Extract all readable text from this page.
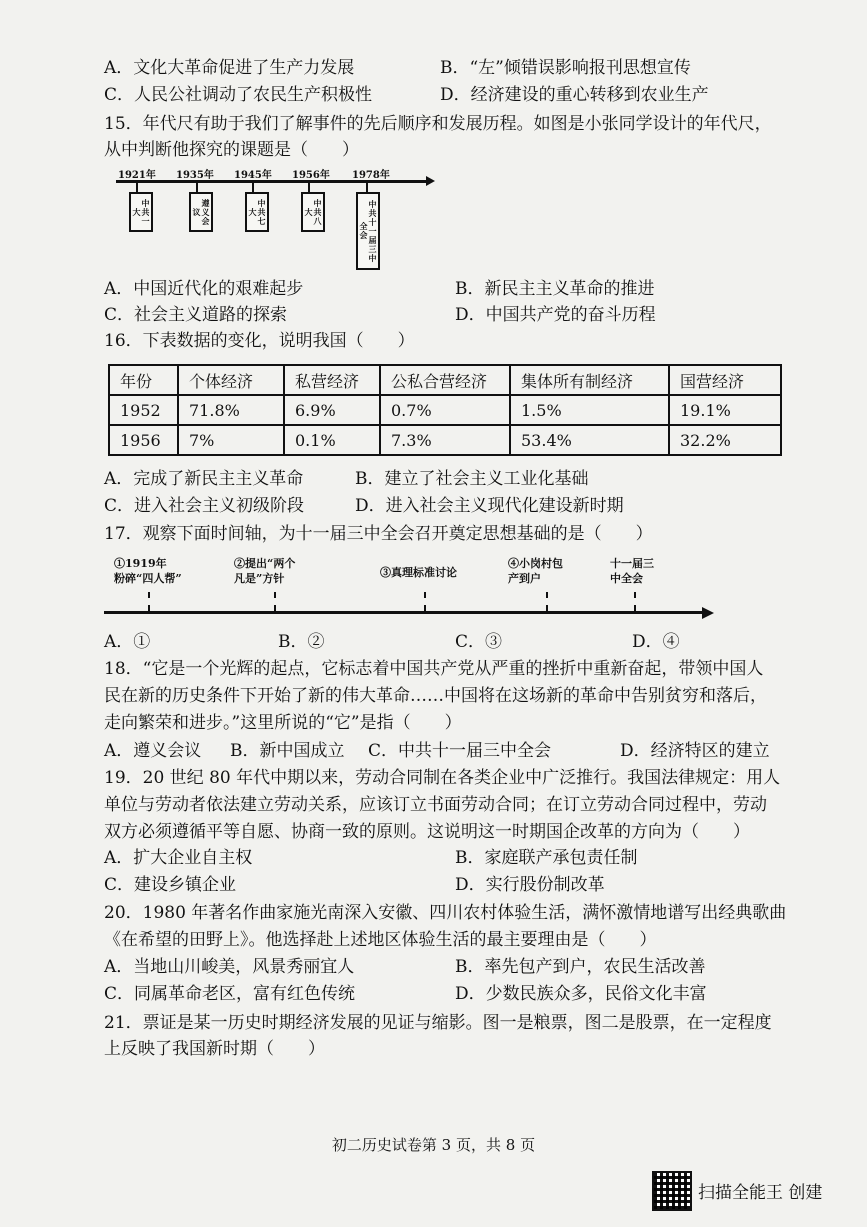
A．文化大革命促进了生产力发展	B．“左”倾错误影响报刊思想宣传
C．人民公社调动了农民生产积极性	D．经济建设的重心转移到农业生产
15．年代尺有助于我们了解事件的先后顺序和发展历程。如图是小张同学设计的年代尺，
从中判断他探究的课题是（　　）
1921年
中共一大
1935年
遵义会议
1945年
中共七大
1956年
中共八大
1978年
中共十一届三中全会
A．中国近代化的艰难起步	B．新民主主义革命的推进
C．社会主义道路的探索	D．中国共产党的奋斗历程
16．下表数据的变化，说明我国（　　）
年份	个体经济	私营经济	公私合营经济	集体所有制经济	国营经济
1952	71.8%	6.9%	0.7%	1.5%	19.1%
1956	7%	0.1%	7.3%	53.4%	32.2%
A．完成了新民主主义革命	B．建立了社会主义工业化基础
C．进入社会主义初级阶段	D．进入社会主义现代化建设新时期
17．观察下面时间轴，为十一届三中全会召开奠定思想基础的是（　　）
①1919年
粉碎“四人帮”
②提出“两个
凡是”方针	③真理标准讨论
④小岗村包
产到户
十一届三
中全会
A．①	B．②	C．③	D．④
18．“它是一个光辉的起点，它标志着中国共产党从严重的挫折中重新奋起，带领中国人
民在新的历史条件下开始了新的伟大革命……中国将在这场新的革命中告别贫穷和落后，
走向繁荣和进步。”这里所说的“它”是指（　　）
A．遵义会议 B．新中国成立 C．中共十一届三中全会	D．经济特区的建立
19．20 世纪 80 年代中期以来，劳动合同制在各类企业中广泛推行。我国法律规定：用人
单位与劳动者依法建立劳动关系，应该订立书面劳动合同；在订立劳动合同过程中，劳动
双方必须遵循平等自愿、协商一致的原则。这说明这一时期国企改革的方向为（　　）
A．扩大企业自主权	B．家庭联产承包责任制
C．建设乡镇企业	D．实行股份制改革
20．1980 年著名作曲家施光南深入安徽、四川农村体验生活，满怀激情地谱写出经典歌曲
《在希望的田野上》。他选择赴上述地区体验生活的最主要理由是（　　）
A．当地山川峻美，风景秀丽宜人	B．率先包产到户，农民生活改善
C．同属革命老区，富有红色传统	D．少数民族众多，民俗文化丰富
21．票证是某一历史时期经济发展的见证与缩影。图一是粮票，图二是股票，在一定程度
上反映了我国新时期（　　）
初二历史试卷第 3 页，共 8 页
扫描全能王 创建
